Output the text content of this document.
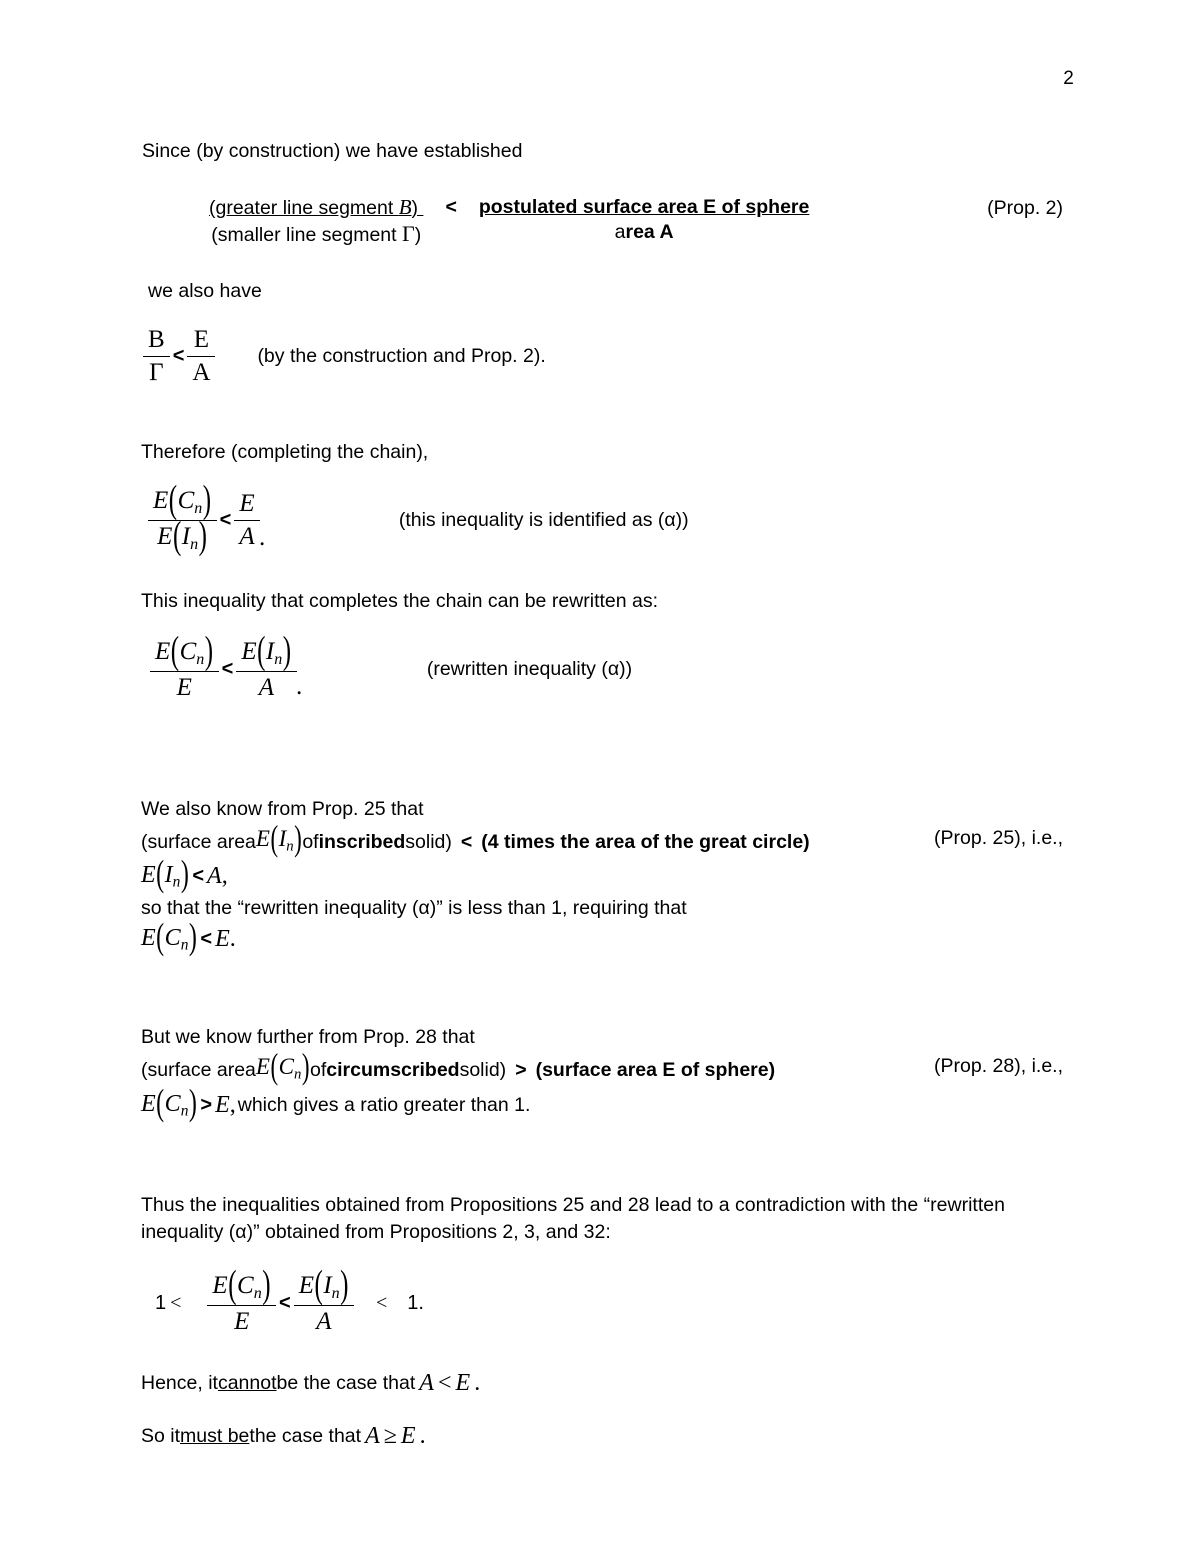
2
Since (by construction) we have established
$\frac{\text{(greater line segment B)}}{\text{(smaller line segment Γ)}} < \frac{\text{postulated surface area E of sphere}}{\text{area A}}$	(Prop. 2)
we also have
$\frac{B}{\Gamma} < \frac{E}{A} (by$ the construction and Prop. 2).
Therefore (completing the chain),
$\frac{E(C_n)}{E(I_n)} < \frac{E}{A}$ .
(this inequality is identified as (α))
This inequality that completes the chain can be rewritten as:
$\frac{E(C_n)}{E} < \frac{E(I_n)}{A}$ .
(rewritten inequality (α))
We also know from Prop. 25 that
(surface area $E(I_n)$ of inscribed solid) < (4 times the area of the great circle)	(Prop. 25), i.e.,
$E(I_n) < A$ ,
so that the “rewritten inequality (α)” is less than 1, requiring that
$E(C_n) < E$ .
But we know further from Prop. 28 that
(surface area $E(C_n)$ of circumscribed solid) > (surface area E of sphere)	(Prop. 28), i.e.,
$E(C_n) > E$ , which gives a ratio greater than 1.
Thus the inequalities obtained from Propositions 25 and 28 lead to a contradiction with the “rewritten inequality (α)” obtained from Propositions 2, 3, and 32:
$1 < \frac{E(C_n)}{E} < \frac{E(I_n)}{A} < 1$.
Hence, it cannot be the case that A < E .
So it must be the case that A ≥ E .
